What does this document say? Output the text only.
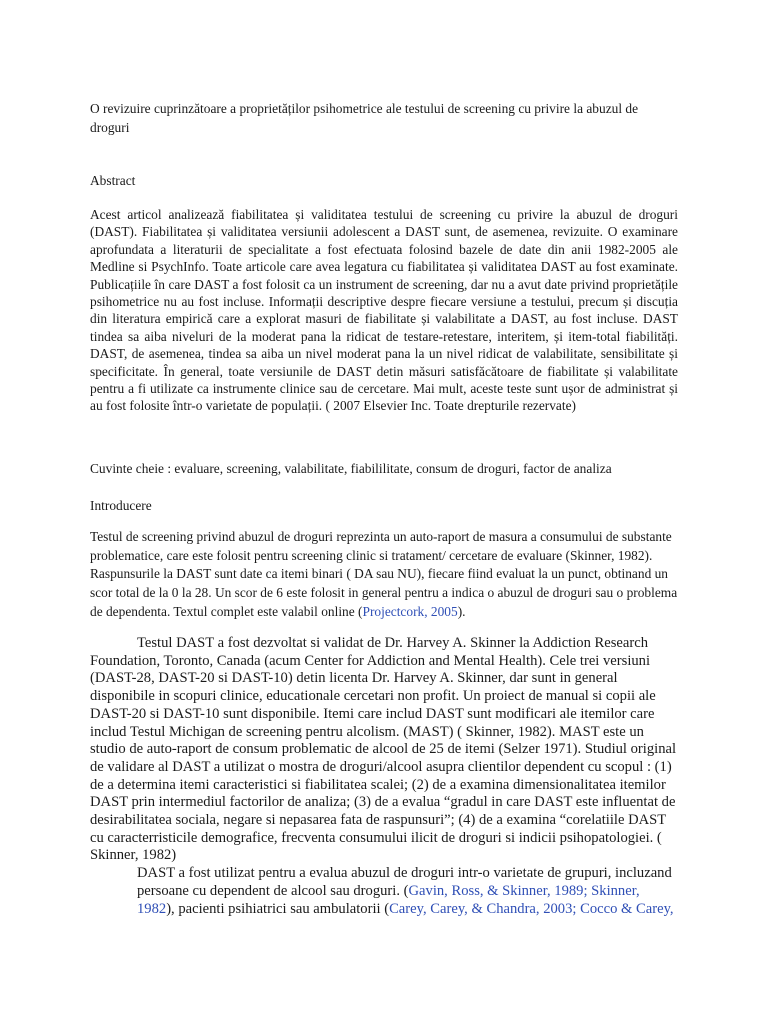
O revizuire cuprinzătoare a proprietăților psihometrice ale testului de screening cu privire la abuzul de droguri

Abstract

Acest articol analizează fiabilitatea și validitatea testului de screening cu privire la abuzul de droguri (DAST). Fiabilitatea și validitatea versiunii adolescent a DAST sunt, de asemenea, revizuite. O examinare aprofundata a literaturii de specialitate a fost efectuata folosind bazele de date din anii 1982-2005 ale Medline si PsychInfo. Toate articole care avea legatura cu fiabilitatea și validitatea DAST au fost examinate. Publicațiile în care DAST a fost folosit ca un instrument de screening, dar nu a avut date privind proprietățile psihometrice nu au fost incluse. Informații descriptive despre fiecare versiune a testului, precum și discuția din literatura empirică care a explorat masuri de fiabilitate și valabilitate a DAST, au fost incluse. DAST tindea sa aiba niveluri de la moderat pana la ridicat de testare-retestare, interitem, și item-total fiabilități. DAST, de asemenea, tindea sa aiba un nivel moderat pana la un nivel ridicat de valabilitate, sensibilitate și specificitate. În general, toate versiunile de DAST detin măsuri satisfăcătoare de fiabilitate și valabilitate pentru a fi utilizate ca instrumente clinice sau de cercetare. Mai mult, aceste teste sunt ușor de administrat și au fost folosite într-o varietate de populații. ( 2007 Elsevier Inc. Toate drepturile rezervate)

Cuvinte cheie : evaluare, screening, valabilitate, fiabililitate, consum de droguri, factor de analiza

Introducere

Testul de screening privind abuzul de droguri reprezinta un auto-raport de masura a consumului de substante problematice, care este folosit pentru screening clinic si tratament/ cercetare de evaluare (Skinner, 1982). Raspunsurile la DAST sunt date ca itemi binari ( DA sau NU), fiecare fiind evaluat la un punct, obtinand un scor total de la 0 la 28. Un scor de 6 este folosit in general pentru a indica o abuzul de droguri sau o problema de dependenta. Textul complet este valabil online (Projectcork, 2005).

Testul DAST a fost dezvoltat si validat de Dr. Harvey A. Skinner la Addiction Research Foundation, Toronto, Canada (acum Center for Addiction and Mental Health). Cele trei versiuni (DAST-28, DAST-20 si DAST-10) detin licenta Dr. Harvey A. Skinner, dar sunt in general disponibile in scopuri clinice, educationale cercetari non profit. Un proiect de manual si copii ale DAST-20 si DAST-10 sunt disponibile. Itemi care includ DAST sunt modificari ale itemilor care includ Testul Michigan de screening pentru alcolism. (MAST) ( Skinner, 1982). MAST este un studio de auto-raport de consum problematic de alcool de 25 de itemi (Selzer 1971). Studiul original de validare al DAST a utilizat o mostra de droguri/alcool asupra clientilor dependent cu scopul : (1) de a determina itemi caracteristici si fiabilitatea scalei; (2) de a examina dimensionalitatea itemilor DAST prin intermediul factorilor de analiza; (3) de a evalua “gradul in care DAST este influentat de desirabilitatea sociala, negare si nepasarea fata de raspunsuri”; (4) de a examina “corelatiile DAST cu caracterristicile demografice, frecventa consumului ilicit de droguri si indicii psihopatologiei. ( Skinner, 1982)
DAST a fost utilizat pentru a evalua abuzul de droguri intr-o varietate de grupuri, incluzand persoane cu dependent de alcool sau droguri. (Gavin, Ross, & Skinner, 1989; Skinner, 1982), pacienti psihiatrici sau ambulatorii (Carey, Carey, & Chandra, 2003; Cocco & Carey,
